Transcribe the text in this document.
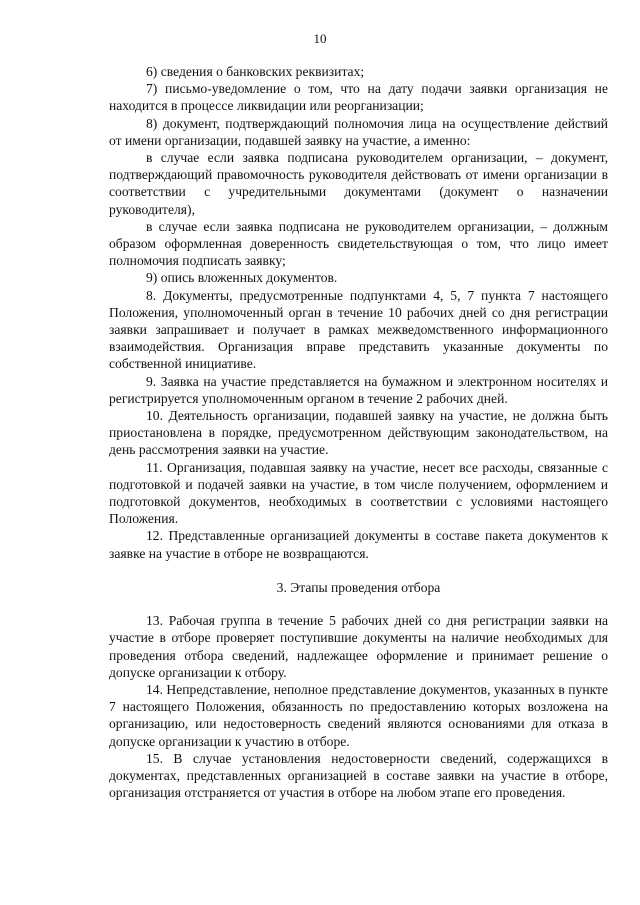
10

6) сведения о банковских реквизитах;

7) письмо-уведомление о том, что на дату подачи заявки организация не находится в процессе ликвидации или реорганизации;

8) документ, подтверждающий полномочия лица на осуществление действий от имени организации, подавшей заявку на участие, а именно:

в случае если заявка подписана руководителем организации, – документ, подтверждающий правомочность руководителя действовать от имени организации в соответствии с учредительными документами (документ о назначении руководителя),

в случае если заявка подписана не руководителем организации, – должным образом оформленная доверенность свидетельствующая о том, что лицо имеет полномочия подписать заявку;

9) опись вложенных документов.

8. Документы, предусмотренные подпунктами 4, 5, 7 пункта 7 настоящего Положения, уполномоченный орган в течение 10 рабочих дней со дня регистрации заявки запрашивает и получает в рамках межведомственного информационного взаимодействия. Организация вправе представить указанные документы по собственной инициативе.

9. Заявка на участие представляется на бумажном и электронном носителях и регистрируется уполномоченным органом в течение 2 рабочих дней.

10. Деятельность организации, подавшей заявку на участие, не должна быть приостановлена в порядке, предусмотренном действующим законодательством, на день рассмотрения заявки на участие.

11. Организация, подавшая заявку на участие, несет все расходы, связанные с подготовкой и подачей заявки на участие, в том числе получением, оформлением и подготовкой документов, необходимых в соответствии с условиями настоящего Положения.

12. Представленные организацией документы в составе пакета документов к заявке на участие в отборе не возвращаются.

3. Этапы проведения отбора

13. Рабочая группа в течение 5 рабочих дней со дня регистрации заявки на участие в отборе проверяет поступившие документы на наличие необходимых для проведения отбора сведений, надлежащее оформление и принимает решение о допуске организации к отбору.

14. Непредставление, неполное представление документов, указанных в пункте 7 настоящего Положения, обязанность по предоставлению которых возложена на организацию, или недостоверность сведений являются основаниями для отказа в допуске организации к участию в отборе.

15. В случае установления недостоверности сведений, содержащихся в документах, представленных организацией в составе заявки на участие в отборе, организация отстраняется от участия в отборе на любом этапе его проведения.
